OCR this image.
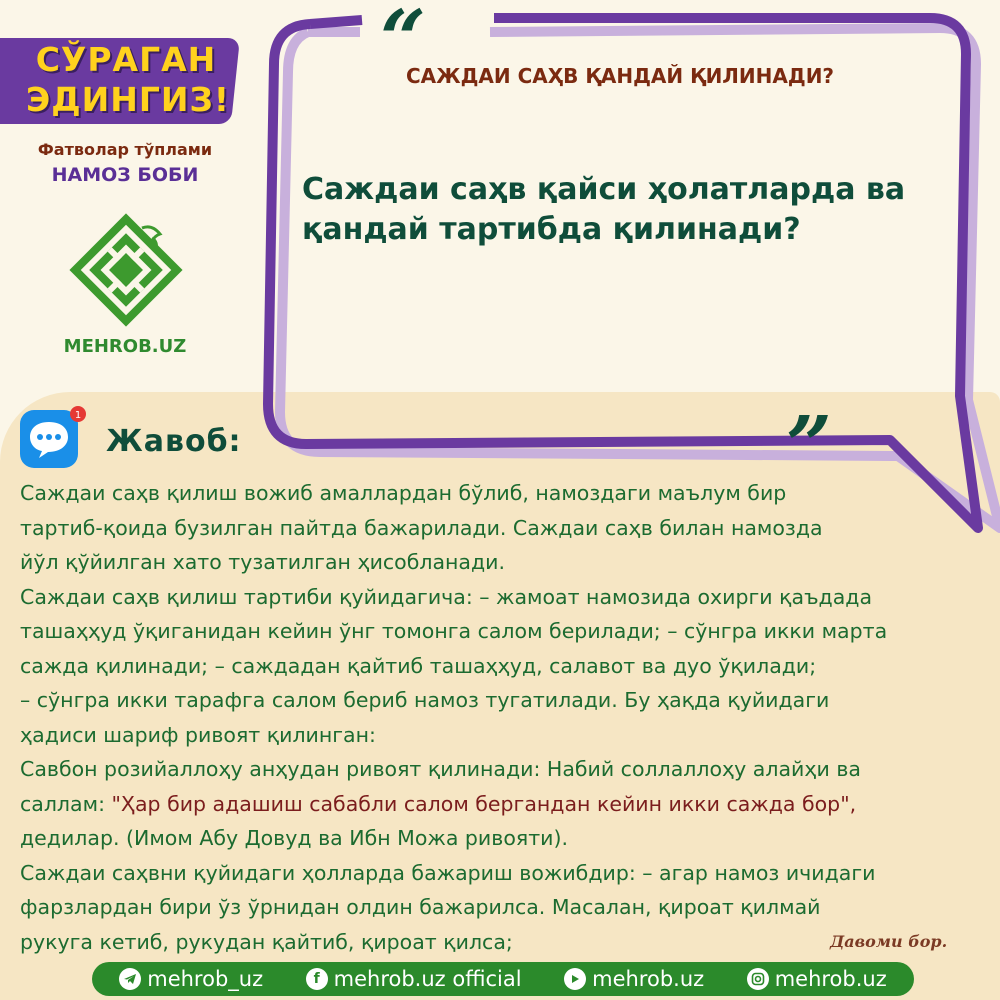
СЎРАГАН
ЭДИНГИЗ!
Фатволар тўплами
НАМОЗ БОБИ
MEHROB.UZ
“
”
САЖДАИ САҲВ ҚАНДАЙ ҚИЛИНАДИ?
Саждаи саҳв қайси ҳолатларда ва
қандай тартибда қилинади?
1
Жавоб:

Саждаи саҳв қилиш вожиб амаллардан бўлиб, намоздаги маълум бир

тартиб-қоида бузилган пайтда бажарилади. Саждаи саҳв билан намозда

йўл қўйилган хато тузатилган ҳисобланади.

Саждаи саҳв қилиш тартиби қуйидагича: – жамоат намозида охирги қаъдада

ташаҳҳуд ўқиганидан кейин ўнг томонга салом берилади; – сўнгра икки марта

сажда қилинади; – саждадан қайтиб ташаҳҳуд, салавот ва дуо ўқилади;

– сўнгра икки тарафга салом бериб намоз тугатилади. Бу ҳақда қуйидаги

ҳадиси шариф ривоят қилинган:

Савбон розийаллоҳу анҳудан ривоят қилинади: Набий соллаллоҳу алайҳи ва

саллам: "Ҳар бир адашиш сабабли салом бергандан кейин икки сажда бор",

дедилар. (Имом Абу Довуд ва Ибн Можа ривояти).

Саждаи саҳвни қуйидаги ҳолларда бажариш вожибдир: – агар намоз ичидаги

фарзлардан бири ўз ўрнидан олдин бажарилса. Масалан, қироат қилмай

рукуга кетиб, рукудан қайтиб, қироат қилса;	Давоми бор.
mehrob_uz	f mehrob.uz official	mehrob.uz	mehrob.uz
